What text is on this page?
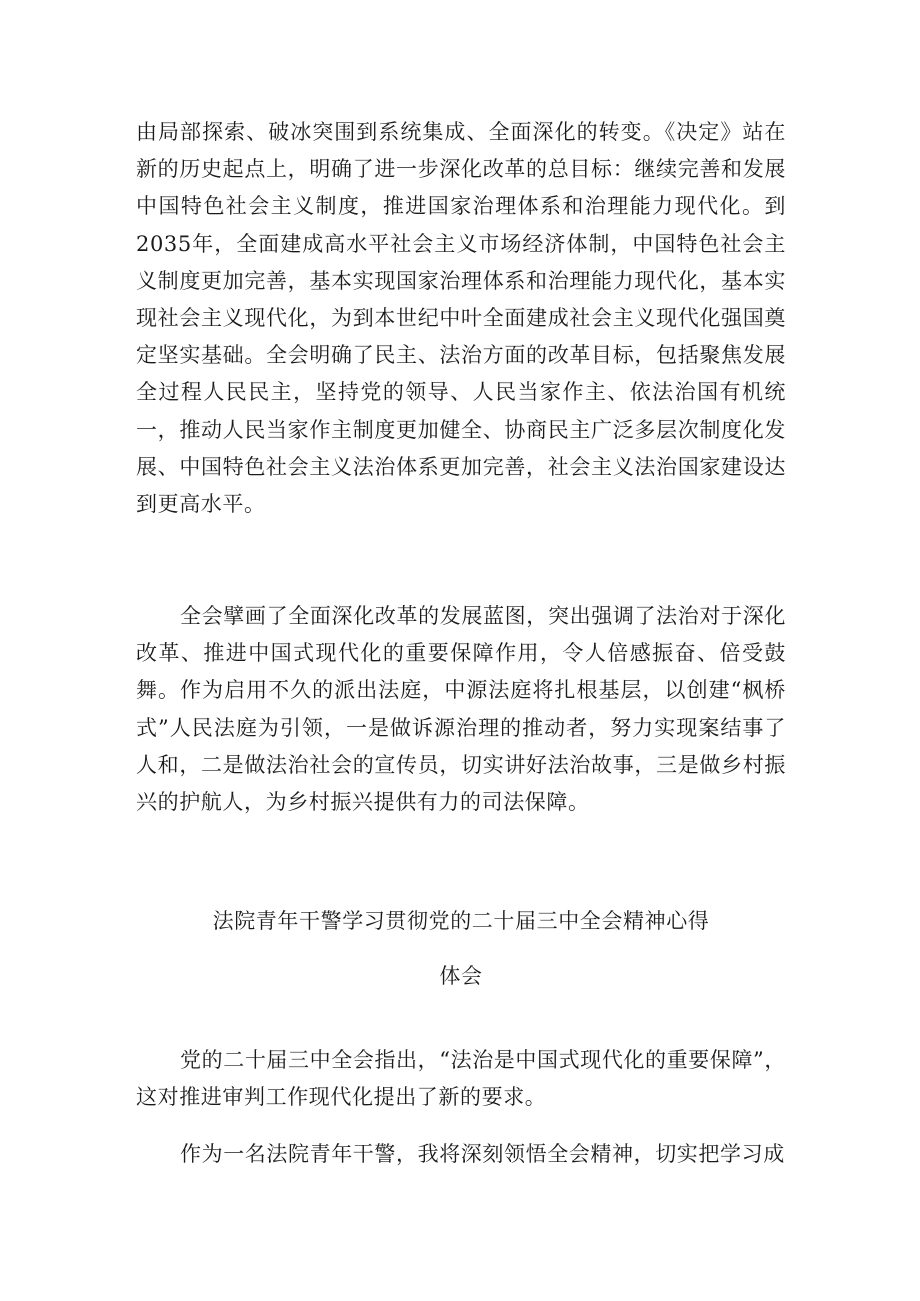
由局部探索、破冰突围到系统集成、全面深化的转变。《决定》站在新的历史起点上，明确了进一步深化改革的总目标：继续完善和发展中国特色社会主义制度，推进国家治理体系和治理能力现代化。到2035年，全面建成高水平社会主义市场经济体制，中国特色社会主义制度更加完善，基本实现国家治理体系和治理能力现代化，基本实现社会主义现代化，为到本世纪中叶全面建成社会主义现代化强国奠定坚实基础。全会明确了民主、法治方面的改革目标，包括聚焦发展全过程人民民主，坚持党的领导、人民当家作主、依法治国有机统一，推动人民当家作主制度更加健全、协商民主广泛多层次制度化发展、中国特色社会主义法治体系更加完善，社会主义法治国家建设达到更高水平。

全会擘画了全面深化改革的发展蓝图，突出强调了法治对于深化改革、推进中国式现代化的重要保障作用，令人倍感振奋、倍受鼓舞。作为启用不久的派出法庭，中源法庭将扎根基层，以创建“枫桥式”人民法庭为引领，一是做诉源治理的推动者，努力实现案结事了人和，二是做法治社会的宣传员，切实讲好法治故事，三是做乡村振兴的护航人，为乡村振兴提供有力的司法保障。

法院青年干警学习贯彻党的二十届三中全会精神心得

体会

党的二十届三中全会指出，“法治是中国式现代化的重要保障”，这对推进审判工作现代化提出了新的要求。

作为一名法院青年干警，我将深刻领悟全会精神，切实把学习成
